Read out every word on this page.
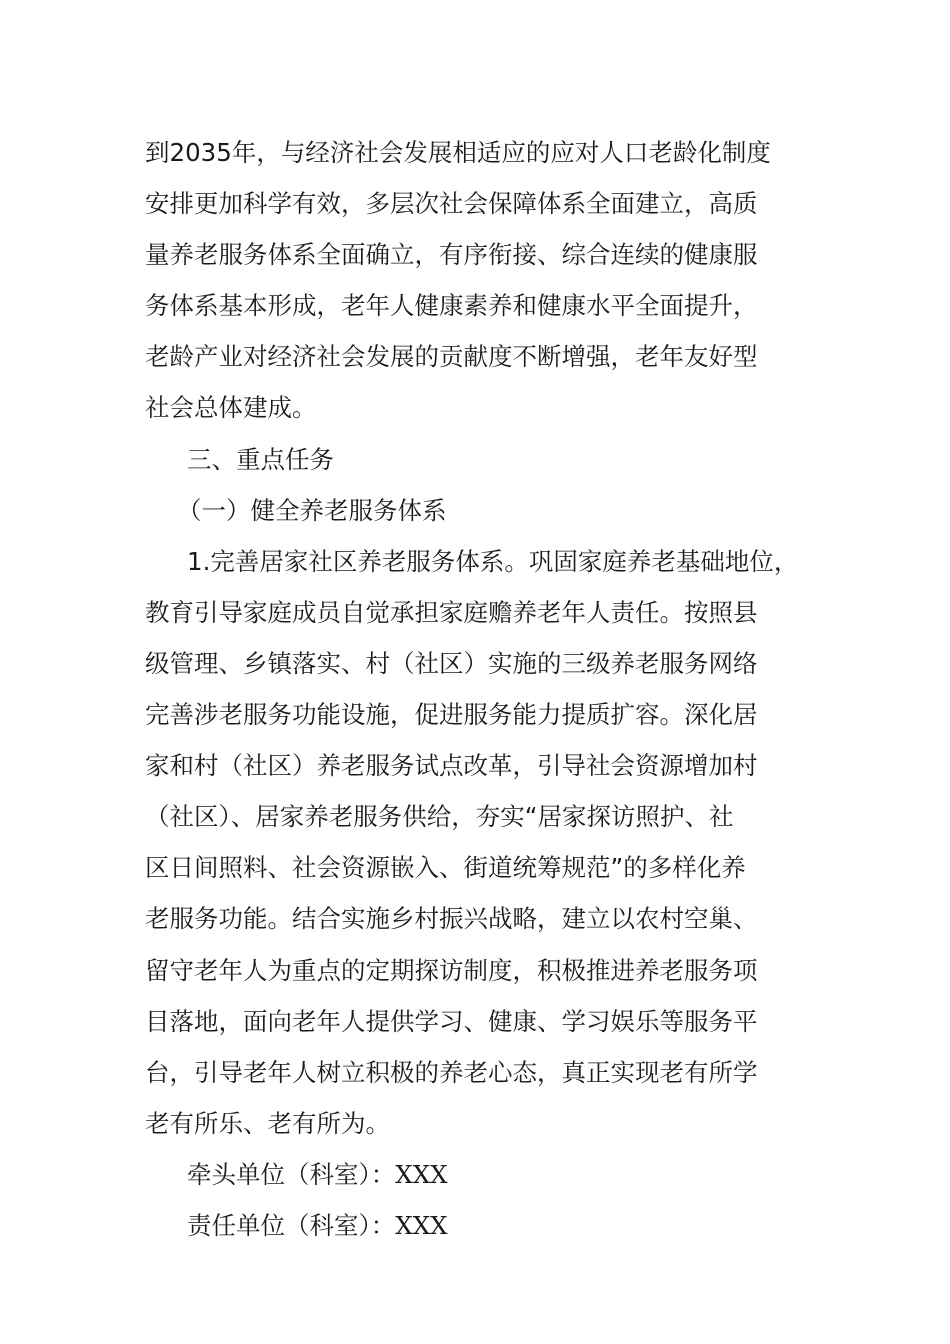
到2035年，与经济社会发展相适应的应对人口老龄化制度
安排更加科学有效，多层次社会保障体系全面建立，高质
量养老服务体系全面确立，有序衔接、综合连续的健康服
务体系基本形成，老年人健康素养和健康水平全面提升，
老龄产业对经济社会发展的贡献度不断增强，老年友好型
社会总体建成。
三、重点任务
（一）健全养老服务体系
1.完善居家社区养老服务体系。巩固家庭养老基础地位，
教育引导家庭成员自觉承担家庭赡养老年人责任。按照县
级管理、乡镇落实、村（社区）实施的三级养老服务网络
完善涉老服务功能设施，促进服务能力提质扩容。深化居
家和村（社区）养老服务试点改革，引导社会资源增加村
（社区）、居家养老服务供给，夯实“居家探访照护、社
区日间照料、社会资源嵌入、街道统筹规范”的多样化养
老服务功能。结合实施乡村振兴战略，建立以农村空巢、
留守老年人为重点的定期探访制度，积极推进养老服务项
目落地，面向老年人提供学习、健康、学习娱乐等服务平
台，引导老年人树立积极的养老心态，真正实现老有所学
老有所乐、老有所为。
牵头单位（科室）：XXX
责任单位（科室）：XXX
